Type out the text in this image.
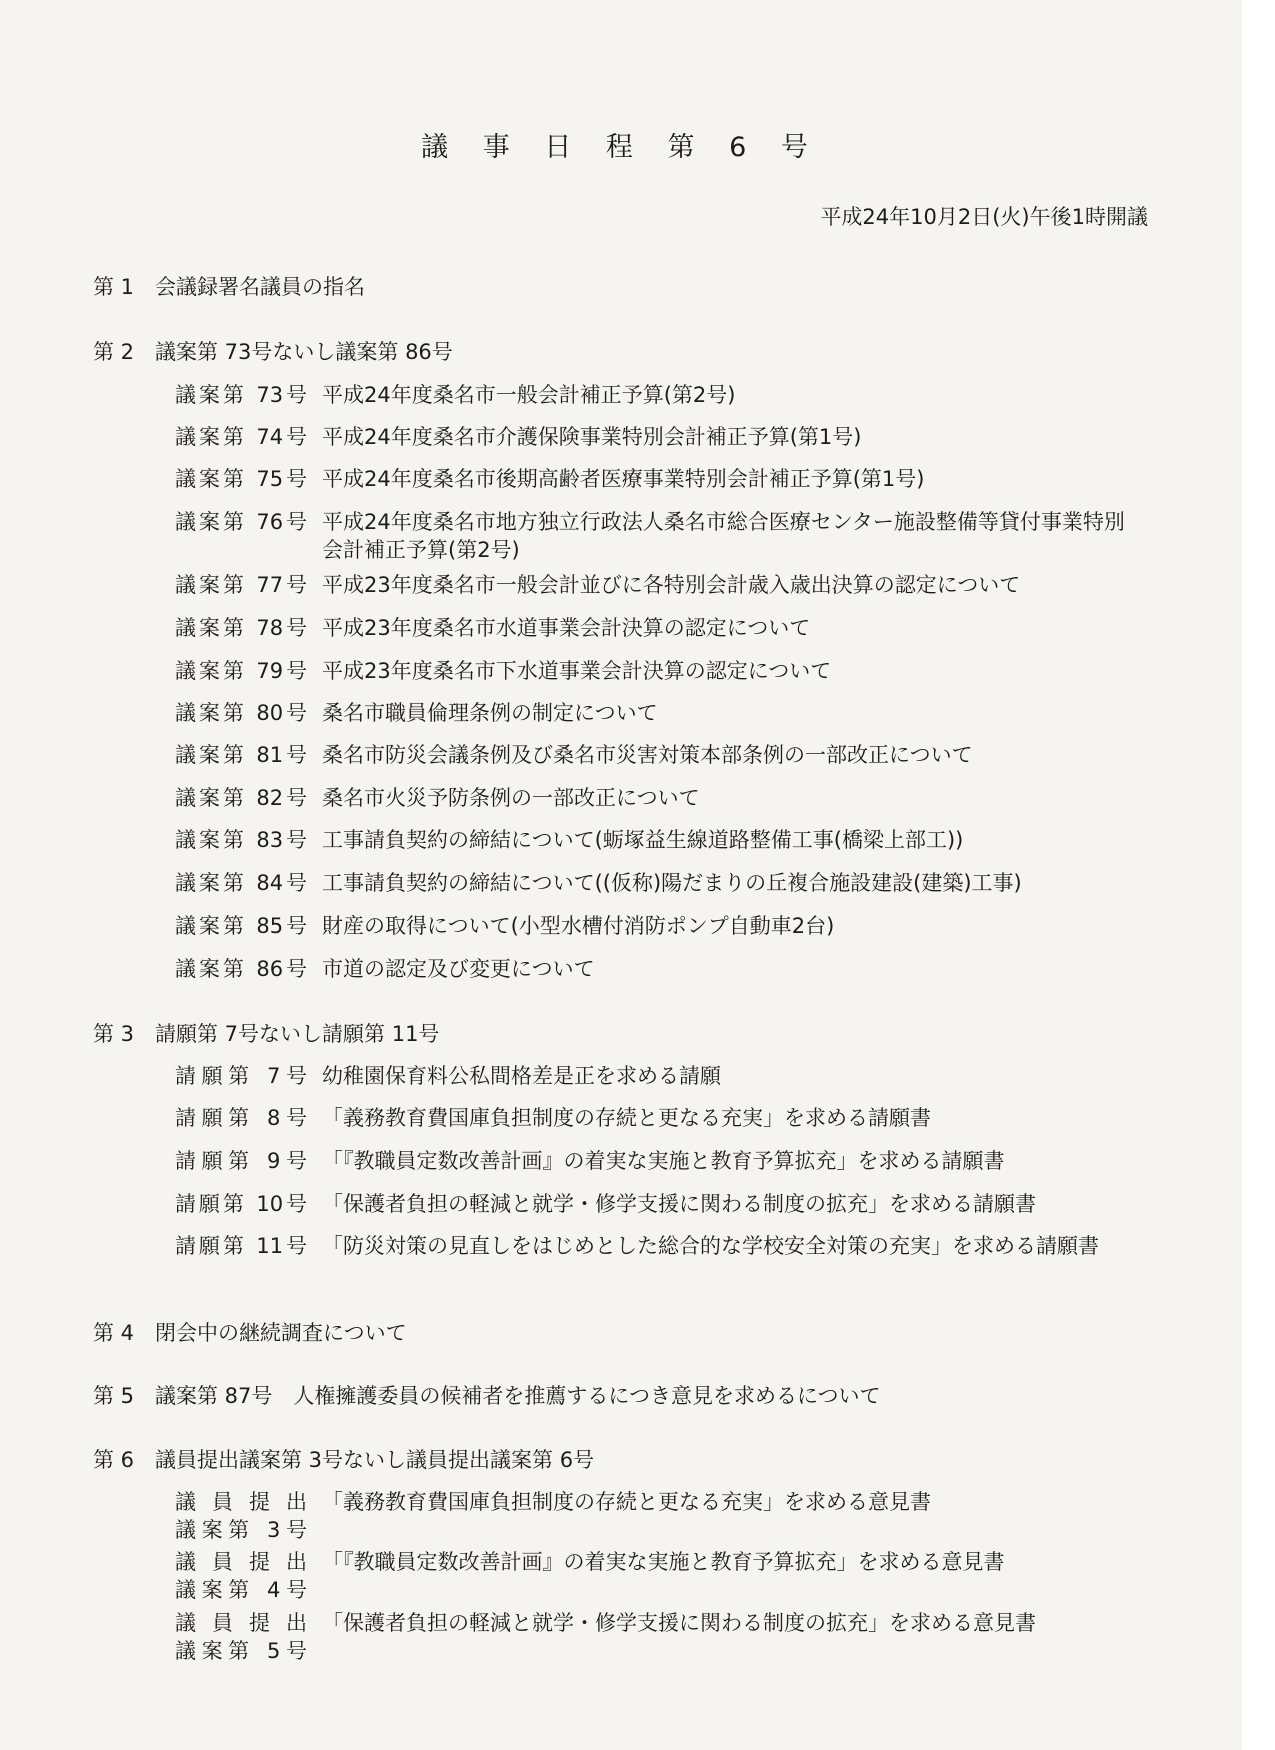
議 事 日 程 第 6 号
平成24年10月2日(火)午後1時開議
第 1 会議録署名議員の指名
第 2 議案第 73号ないし議案第 86号
議案第 73号 平成24年度桑名市一般会計補正予算(第2号)
議案第 74号 平成24年度桑名市介護保険事業特別会計補正予算(第1号)
議案第 75号 平成24年度桑名市後期高齢者医療事業特別会計補正予算(第1号)
議案第 76号 平成24年度桑名市地方独立行政法人桑名市総合医療センター施設整備等貸付事業特別会計補正予算(第2号)
議案第 77号 平成23年度桑名市一般会計並びに各特別会計歳入歳出決算の認定について
議案第 78号 平成23年度桑名市水道事業会計決算の認定について
議案第 79号 平成23年度桑名市下水道事業会計決算の認定について
議案第 80号 桑名市職員倫理条例の制定について
議案第 81号 桑名市防災会議条例及び桑名市災害対策本部条例の一部改正について
議案第 82号 桑名市火災予防条例の一部改正について
議案第 83号 工事請負契約の締結について(蛎塚益生線道路整備工事(橋梁上部工))
議案第 84号 工事請負契約の締結について((仮称)陽だまりの丘複合施設建設(建築)工事)
議案第 85号 財産の取得について(小型水槽付消防ポンプ自動車2台)
議案第 86号 市道の認定及び変更について
第 3 請願第 7号ないし請願第 11号
請願第 7号 幼稚園保育料公私間格差是正を求める請願
請願第 8号 「義務教育費国庫負担制度の存続と更なる充実」を求める請願書
請願第 9号 「『教職員定数改善計画』の着実な実施と教育予算拡充」を求める請願書
請願第 10号 「保護者負担の軽減と就学・修学支援に関わる制度の拡充」を求める請願書
請願第 11号 「防災対策の見直しをはじめとした総合的な学校安全対策の充実」を求める請願書
第 4 閉会中の継続調査について
第 5 議案第 87号　人権擁護委員の候補者を推薦するにつき意見を求めるについて
第 6 議員提出議案第 3号ないし議員提出議案第 6号
議員提出
議案第 3号
「義務教育費国庫負担制度の存続と更なる充実」を求める意見書
議員提出
議案第 4号
「『教職員定数改善計画』の着実な実施と教育予算拡充」を求める意見書
議員提出
議案第 5号
「保護者負担の軽減と就学・修学支援に関わる制度の拡充」を求める意見書
